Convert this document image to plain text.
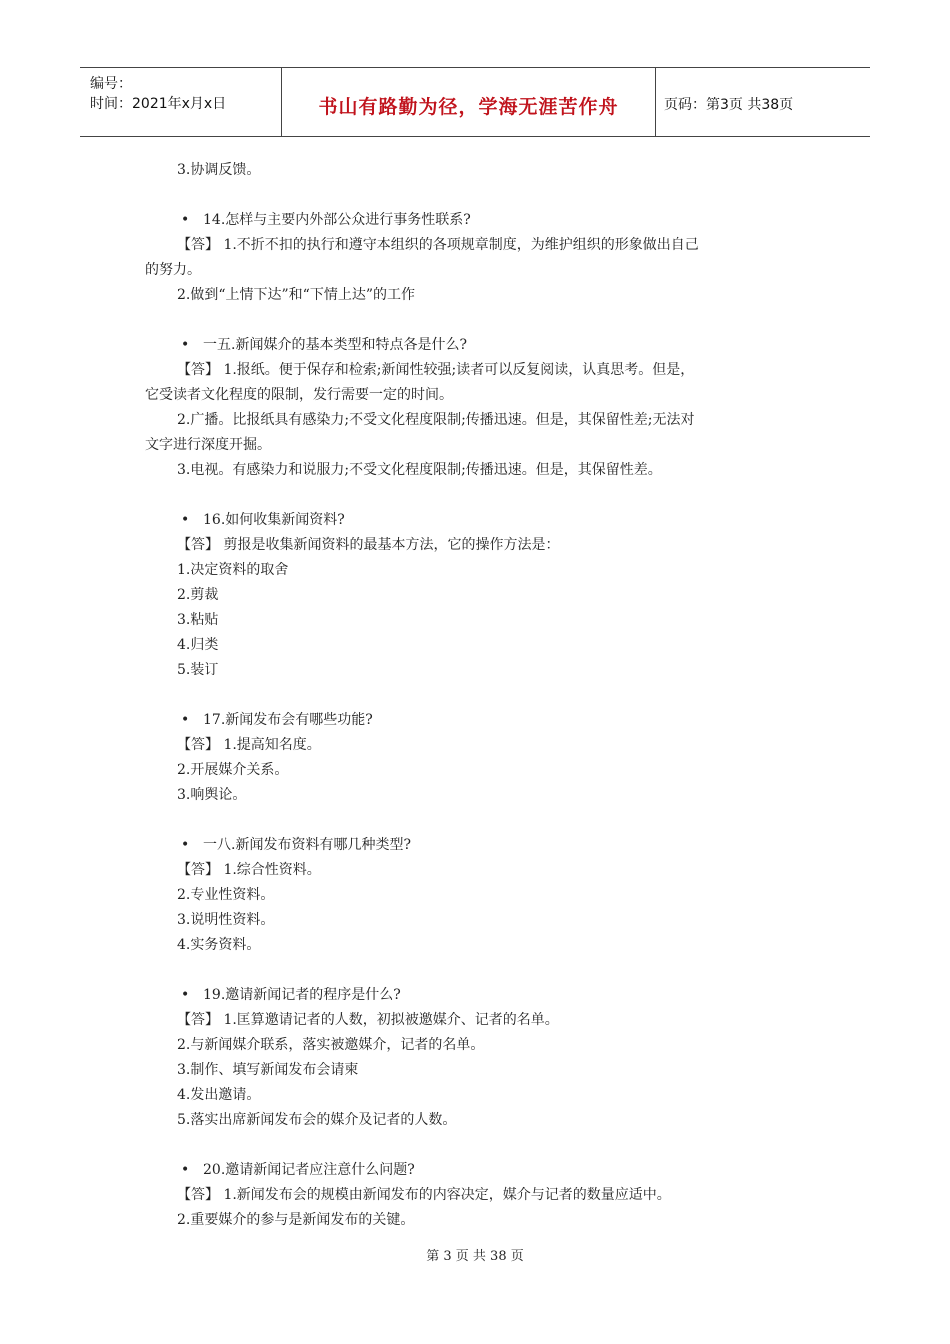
编号：
时间：2021年x月x日	书山有路勤为径，学海无涯苦作舟	页码：第3页 共38页
3.协调反馈。
• 14.怎样与主要内外部公众进行事务性联系?
【答】 1.不折不扣的执行和遵守本组织的各项规章制度，为维护组织的形象做出自己
的努力。
2.做到“上情下达”和“下情上达”的工作
• 一五.新闻媒介的基本类型和特点各是什么?
【答】 1.报纸。便于保存和检索;新闻性较强;读者可以反复阅读，认真思考。但是，
它受读者文化程度的限制，发行需要一定的时间。
2.广播。比报纸具有感染力;不受文化程度限制;传播迅速。但是，其保留性差;无法对
文字进行深度开掘。
3.电视。有感染力和说服力;不受文化程度限制;传播迅速。但是，其保留性差。
• 16.如何收集新闻资料?
【答】 剪报是收集新闻资料的最基本方法，它的操作方法是：
1.决定资料的取舍
2.剪裁
3.粘贴
4.归类
5.装订
• 17.新闻发布会有哪些功能?
【答】 1.提高知名度。
2.开展媒介关系。
3.响舆论。
• 一八.新闻发布资料有哪几种类型?
【答】 1.综合性资料。
2.专业性资料。
3.说明性资料。
4.实务资料。
• 19.邀请新闻记者的程序是什么?
【答】 1.匡算邀请记者的人数，初拟被邀媒介、记者的名单。
2.与新闻媒介联系，落实被邀媒介，记者的名单。
3.制作、填写新闻发布会请柬
4.发出邀请。
5.落实出席新闻发布会的媒介及记者的人数。
• 20.邀请新闻记者应注意什么问题?
【答】 1.新闻发布会的规模由新闻发布的内容决定，媒介与记者的数量应适中。
2.重要媒介的参与是新闻发布的关键。
第 3 页 共 38 页
